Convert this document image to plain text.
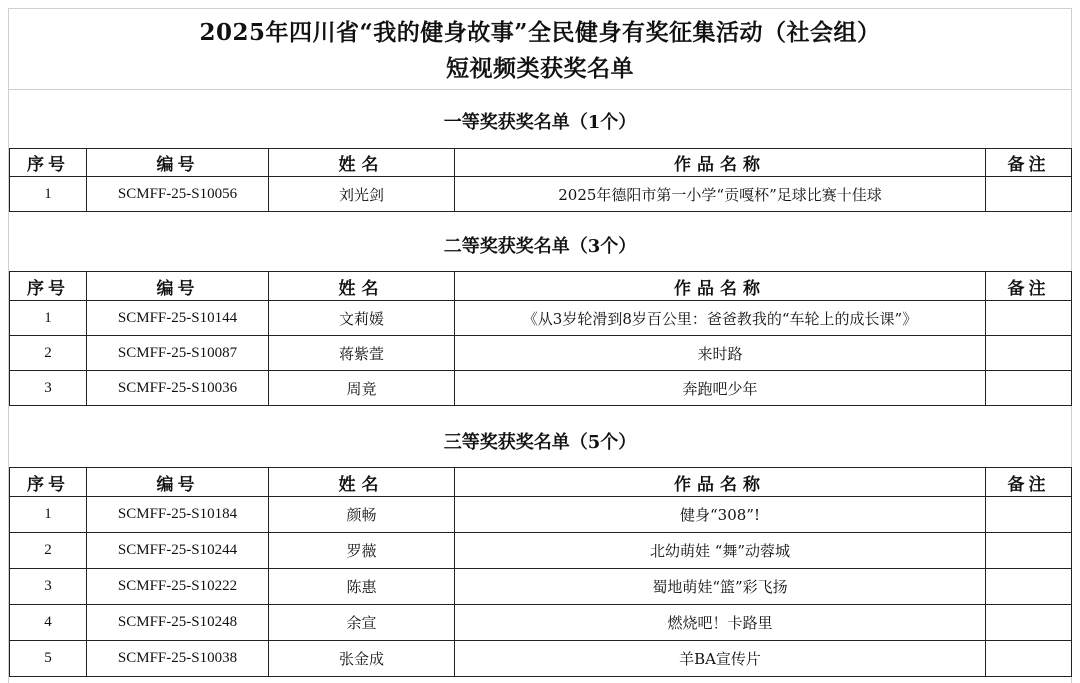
2025年四川省“我的健身故事”全民健身有奖征集活动（社会组）
短视频类获奖名单
一等奖获奖名单（1个）
序号	编号	姓名	作品名称	备注
1	SCMFF-25-S10056	刘光剑	2025年德阳市第一小学“贡嘎杯”足球比赛十佳球	
二等奖获奖名单（3个）
序号	编号	姓名	作品名称	备注
1	SCMFF-25-S10144	文莉媛	《从3岁轮滑到8岁百公里：爸爸教我的“车轮上的成长课”》	
2	SCMFF-25-S10087	蒋紫萱	来时路	
3	SCMFF-25-S10036	周竟	奔跑吧少年	
三等奖获奖名单（5个）
序号	编号	姓名	作品名称	备注
1	SCMFF-25-S10184	颜畅	健身“308”!	
2	SCMFF-25-S10244	罗薇	北幼萌娃 “舞”动蓉城	
3	SCMFF-25-S10222	陈惠	蜀地萌娃“篮”彩飞扬	
4	SCMFF-25-S10248	余宣	燃烧吧！卡路里	
5	SCMFF-25-S10038	张金成	羊BA宣传片	
